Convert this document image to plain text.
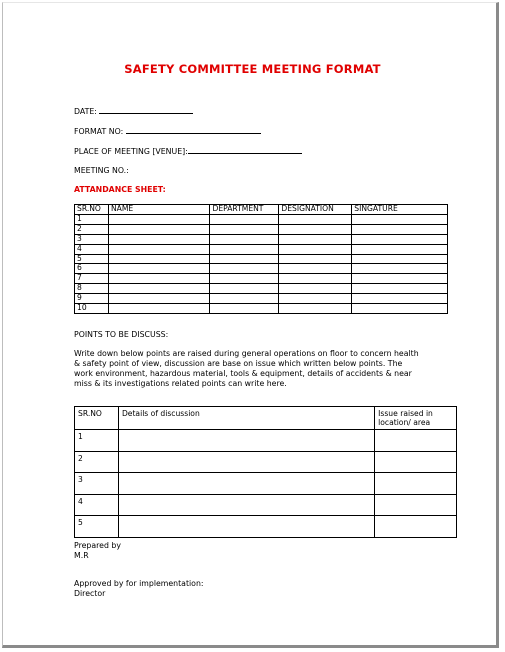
SAFETY COMMITTEE MEETING FORMAT
DATE:
FORMAT NO:
PLACE OF MEETING [VENUE]:
MEETING NO.:
ATTANDANCE SHEET:
SR.NO	NAME	DEPARTMENT	DESIGNATION	SINGATURE
1				
2				
3				
4				
5				
6				
7				
8				
9				
10				
POINTS TO BE DISCUSS:
Write down below points are raised during general operations on floor to concern health & safety point of view, discussion are base on issue which written below points. The work environment, hazardous material, tools & equipment, details of accidents & near miss & its investigations related points can write here.
SR.NO	Details of discussion	Issue raised in location/ area
1		
2		
3		
4		
5		
Prepared by
M.R
Approved by for implementation:
Director
